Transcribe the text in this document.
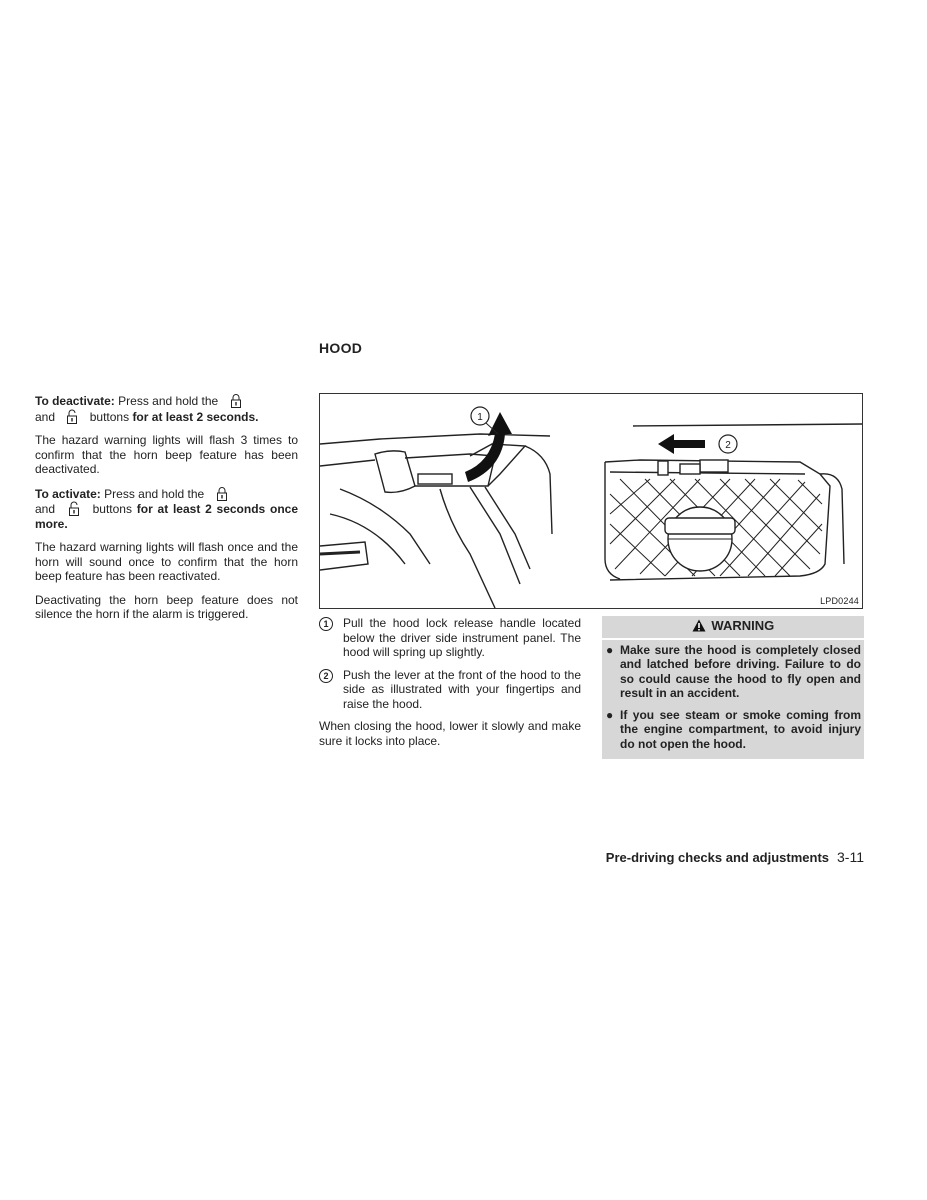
To deactivate: Press and hold the
and	buttons for at least 2 seconds.

The hazard warning lights will flash 3 times to confirm that the horn beep feature has been deactivated.

To activate: Press and hold the
and	buttons for at least 2 seconds once more.

The hazard warning lights will flash once and the horn will sound once to confirm that the horn beep feature has been reactivated.

Deactivating the horn beep feature does not silence the horn if the alarm is triggered.

HOOD
1
2
LPD0244
1	Pull the hood lock release handle located below the driver side instrument panel. The hood will spring up slightly.
2	Push the lever at the front of the hood to the side as illustrated with your fingertips and raise the hood.
When closing the hood, lower it slowly and make sure it locks into place.
WARNING
● Make sure the hood is completely closed and latched before driving. Failure to do so could cause the hood to fly open and result in an accident.
● If you see steam or smoke coming from the engine compartment, to avoid injury do not open the hood.
Pre-driving checks and adjustments 3-11
